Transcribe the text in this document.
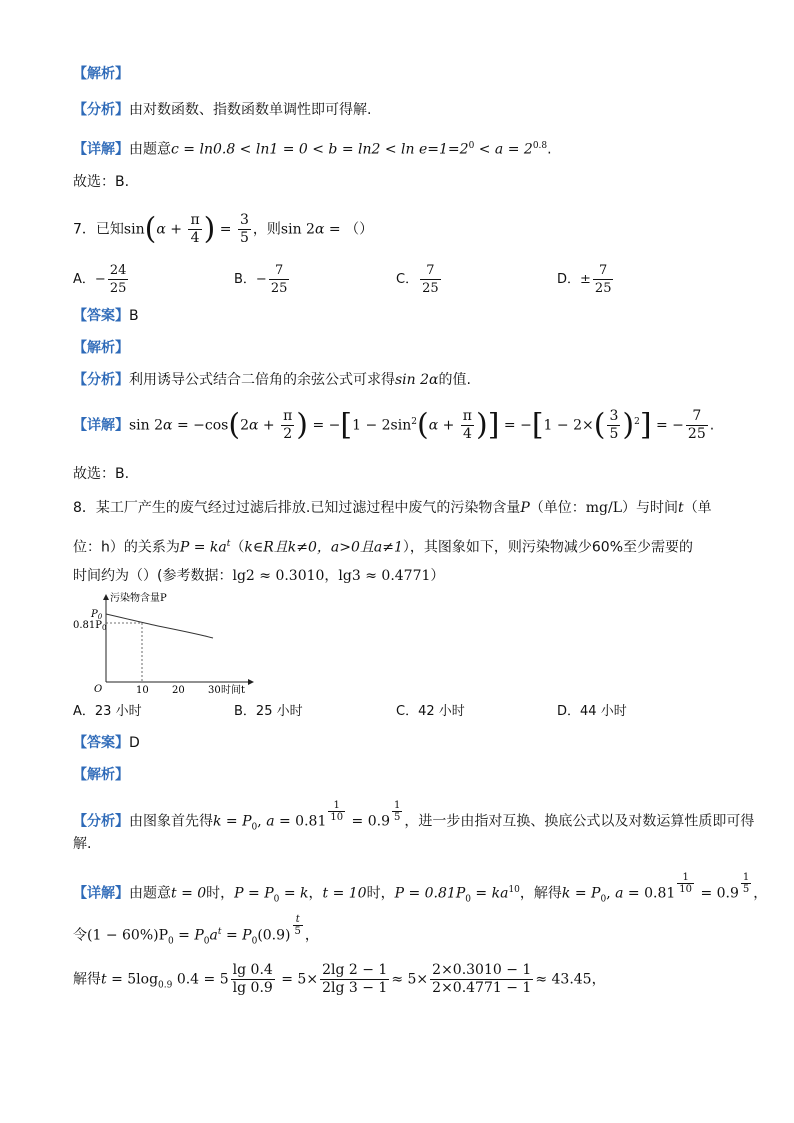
【解析】
【分析】由对数函数、指数函数单调性即可得解.
【详解】由题意$c = \ln 0.8 < \ln 1 = 0 < b = \ln 2 < \ln e=1=2^0 < a = 2^{0.8}$.
故选：B.
7．已知$\sin(\alpha + \frac{\pi}{4}$ ) = $\frac{3}{5}$ ，则sin 2α = （）
A．− $\frac{24}{25}$	B．− $\frac{7}{25}$	C． $\frac{7}{25}$	D．± $\frac{7}{25}$
【答案】B
【解析】
【分析】利用诱导公式结合二倍角的余弦公式可求得sin 2α的值.
【详解】$\sin 2\alpha = -\cos(2\alpha + \frac{\pi}{2}$ ) = $-[1 - 2\sin^2(\alpha + \frac{\pi}{4}$ )] = $-[1 - 2\times( \frac{3}{5} )^2]$ = − $\frac{7}{25}$ .
故选：B.
8．某工厂产生的废气经过过滤后排放.已知过滤过程中废气的污染物含量P（单位：mg/L）与时间t（单
位：h）的关系为$P = ka^t(k\in R$且k≠0，a>0且a≠1），其图象如下，则污染物减少60%至少需要的
时间约为（）(参考数据：lg2 ≈ 0.3010，lg3 ≈ 0.4771）
污染物含量P
$P_0$
$0.81P_0$
O	10 20 30 时间t
A．23 小时	B．25 小时	C．42 小时	D．44 小时
【答案】D
【解析】
【分析】由图象首先得$k = P_0$, a = 0.81 $^{\frac{1}{10}}$ = 0.9 $^{\frac{1}{5}}$ ，进一步由指对互换、换底公式以及对数运算性质即可得
解.
【详解】由题意t = 0时，$P = P_0 = k$，t = 10时，$P = 0.81P_0 = ka^{10}$，解得$k = P_0$, a = 0.81 $^{\frac{1}{10}}$ = 0.9 $^{\frac{1}{5}}$ ，
令$(1 - 60\%)P_0 = P_0a^t = P_0(0.9)$ $^{\frac{t}{5}}$ ，
解得$t = 5\log_{0.9}$ $0.4 = 5 \frac{\lg 0.4}{\lg 0.9} = 5\times \frac{2\lg 2 - 1}{2\lg 3 - 1} \approx 5\times \frac{2\times 0.3010 - 1}{2\times 0.4771 - 1} \approx 43.45$，
